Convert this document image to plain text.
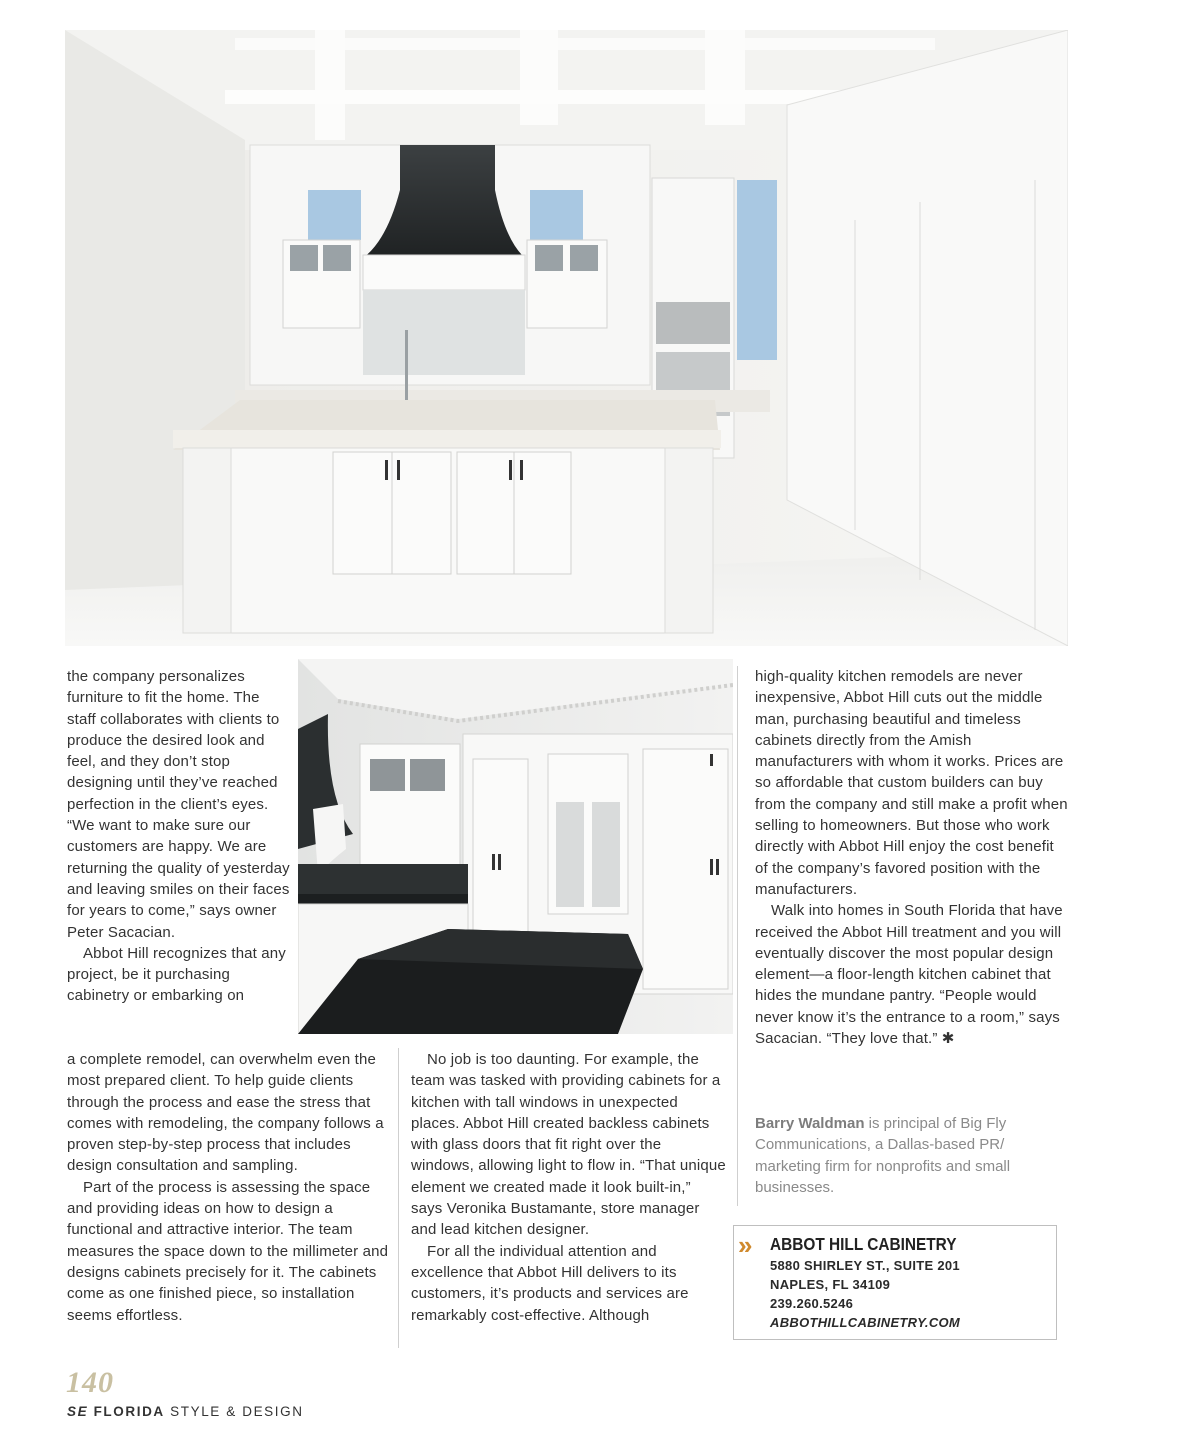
the company personalizes furniture to fit the home. The staff collaborates with clients to produce the desired look and feel, and they don’t stop designing until they’ve reached perfection in the client’s eyes. “We want to make sure our customers are happy. We are returning the quality of yesterday and leaving smiles on their faces for years to come,” says owner Peter Sacacian.

Abbot Hill recognizes that any project, be it purchasing cabinetry or embarking on

a complete remodel, can overwhelm even the most prepared client. To help guide clients through the process and ease the stress that comes with remodeling, the company follows a proven step-by-step process that includes design consultation and sampling.

Part of the process is assessing the space and providing ideas on how to design a functional and attractive interior. The team measures the space down to the millimeter and designs cabinets precisely for it. The cabinets come as one finished piece, so installation seems effortless.

No job is too daunting. For example, the team was tasked with providing cabinets for a kitchen with tall windows in unexpected places. Abbot Hill created backless cabinets with glass doors that fit right over the windows, allowing light to flow in. “That unique element we created made it look built-in,” says Veronika Bustamante, store manager and lead kitchen designer.

For all the individual attention and excellence that Abbot Hill delivers to its customers, it’s products and services are remarkably cost-effective. Although

high-quality kitchen remodels are never inexpensive, Abbot Hill cuts out the middle man, purchasing beautiful and timeless cabinets directly from the Amish manufacturers with whom it works. Prices are so affordable that custom builders can buy from the company and still make a profit when selling to homeowners. But those who work directly with Abbot Hill enjoy the cost benefit of the company’s favored position with the manufacturers.

Walk into homes in South Florida that have received the Abbot Hill treatment and you will eventually discover the most popular design element—a floor-length kitchen cabinet that hides the mundane pantry. “People would never know it’s the entrance to a room,” says Sacacian. “They love that.” ✱

Barry Waldman is principal of Big Fly Communications, a Dallas-based PR/ marketing firm for nonprofits and small businesses.
» ABBOT HILL CABINETRY
5880 SHIRLEY ST., SUITE 201
NAPLES, FL 34109
239.260.5246
ABBOTHILLCABINETRY.COM
140
SE FLORIDA STYLE & DESIGN
